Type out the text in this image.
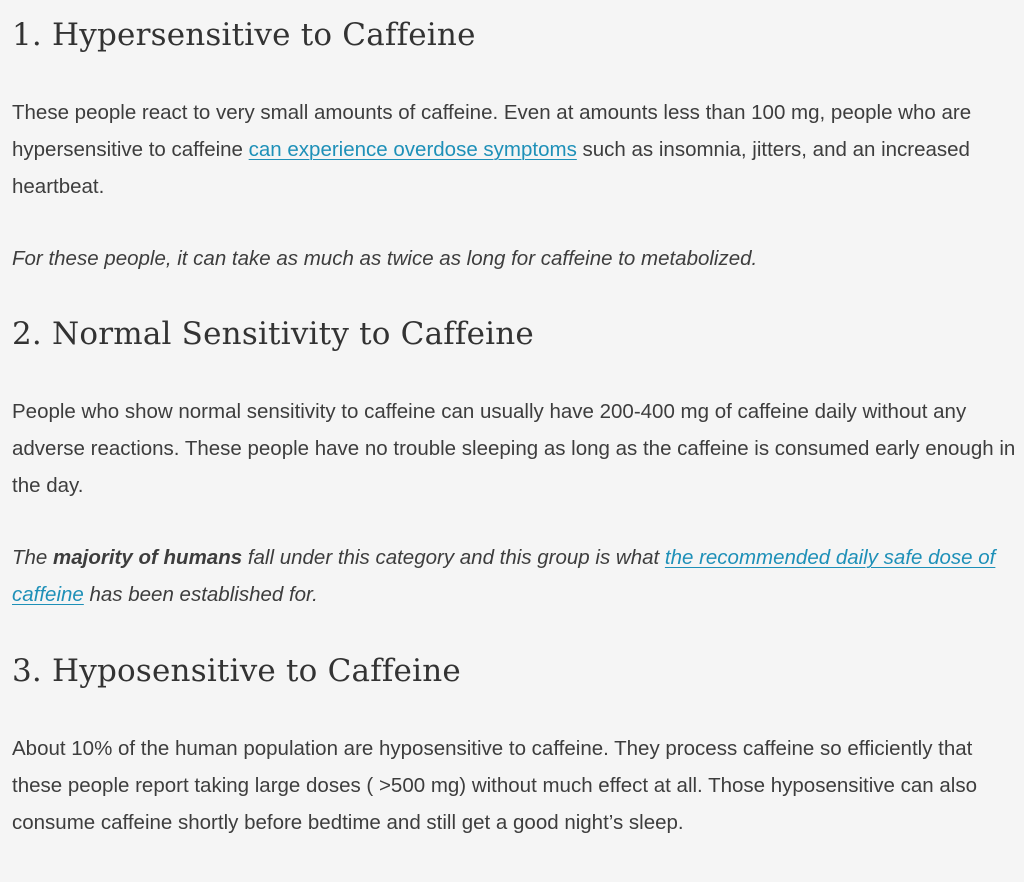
1. Hypersensitive to Caffeine

These people react to very small amounts of caffeine. Even at amounts less than 100 mg, people who are hypersensitive to caffeine can experience overdose symptoms such as insomnia, jitters, and an increased heartbeat.

For these people, it can take as much as twice as long for caffeine to metabolized.

2. Normal Sensitivity to Caffeine

People who show normal sensitivity to caffeine can usually have 200-400 mg of caffeine daily without any adverse reactions. These people have no trouble sleeping as long as the caffeine is consumed early enough in the day.

The majority of humans fall under this category and this group is what the recommended daily safe dose of caffeine has been established for.

3. Hyposensitive to Caffeine

About 10% of the human population are hyposensitive to caffeine. They process caffeine so efficiently that these people report taking large doses ( >500 mg) without much effect at all. Those hyposensitive can also consume caffeine shortly before bedtime and still get a good night’s sleep.
